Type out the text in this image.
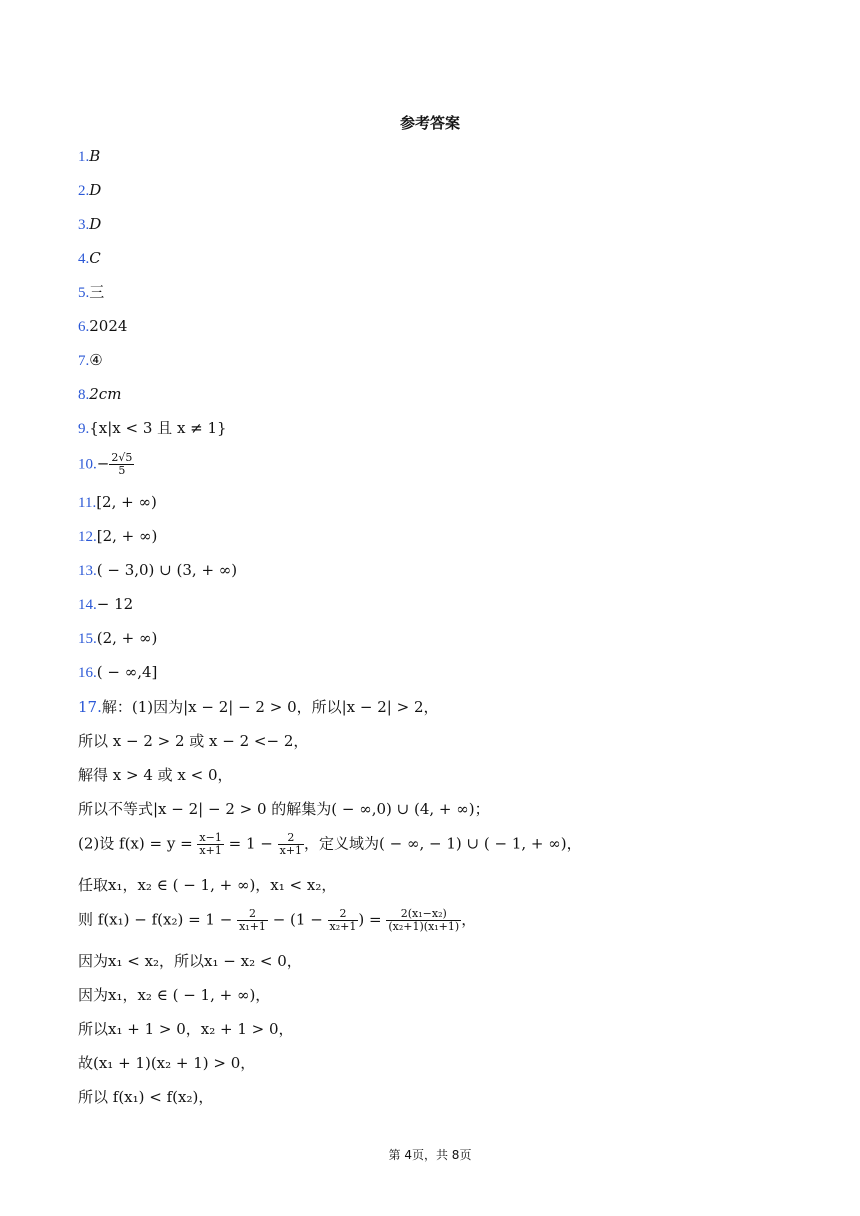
参考答案
1.B
2.D
3.D
4.C
5.三
6.2024
7.④
8.2cm
9.{x|x < 3 且 x ≠ 1}
$10.- \frac{2√5}{5}$
11.[2, + ∞)
12.[2, + ∞)
13.( − 3,0) ∪ (3, + ∞)
14.− 12
15.(2, + ∞)
16.( − ∞,4]
17.解：(1)因为|x − 2| − 2 > 0，所以|x − 2| > 2，
所以 x − 2 > 2 或 x − 2 <− 2，
解得 x > 4 或 x < 0，
所以不等式|x − 2| − 2 > 0 的解集为( − ∞,0) ∪ (4, + ∞)；
(2)设 $f(x) = y = \frac{x-1}{x+1} = 1 - \frac{2}{x+1}$ ，定义域为( − ∞, − 1) ∪ ( − 1, + ∞)，
任取x₁，x₂ ∈ ( − 1, + ∞)，x₁ < x₂，
则 $f(x_1) - f(x_2) = 1 - \frac{2}{\text{x₁+1}} - (1 - \frac{2}{\text{x₂+1}}$ ) = $\frac{\text{2(x₁−x₂)}}{\text{(x₂+1)(x₁+1)}}$ ，
因为x₁ < x₂，所以x₁ − x₂ < 0，
因为x₁，x₂ ∈ ( − 1, + ∞)，
所以x₁ + 1 > 0，x₂ + 1 > 0，
故(x₁ + 1)(x₂ + 1) > 0，
所以 f(x₁) < f(x₂)，
第 4页，共 8页
